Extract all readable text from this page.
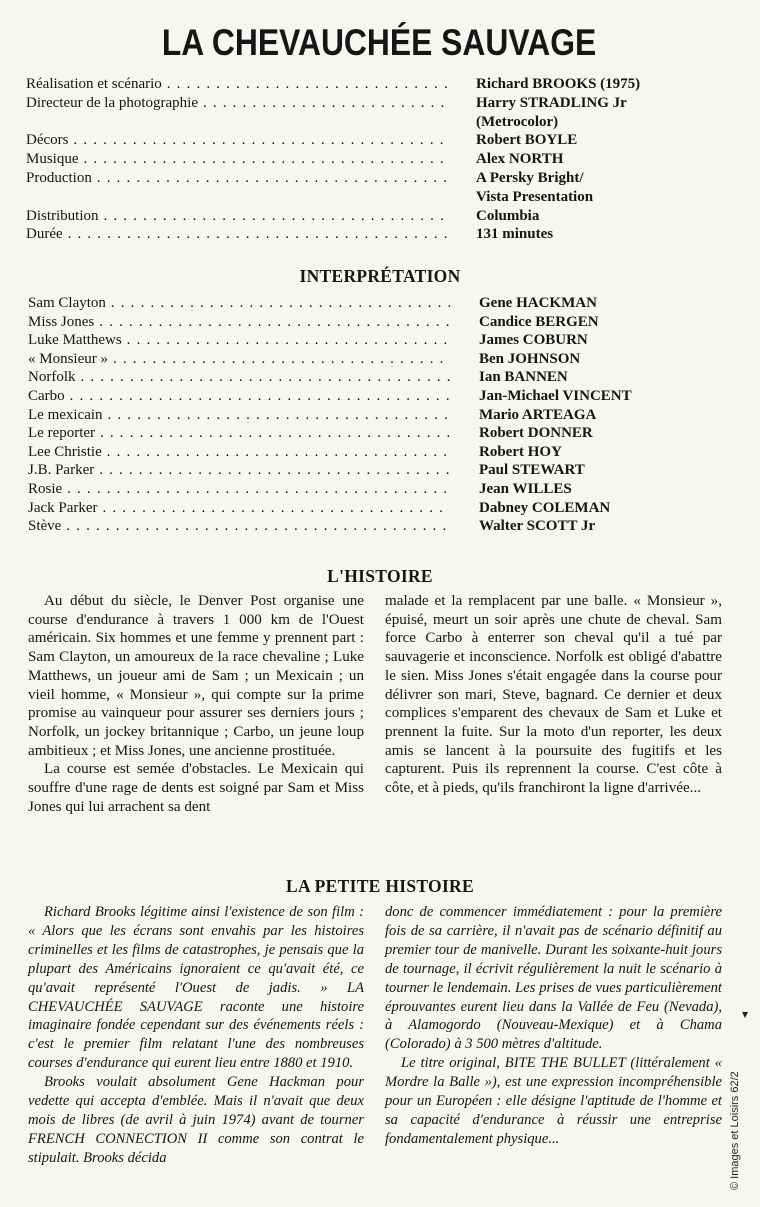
LA CHEVAUCHÉE SAUVAGE
Réalisation et scénario . . .	Richard BROOKS (1975)
Directeur de la photographie . . .	Harry STRADLING Jr
(Metrocolor)
Décors . . .	Robert BOYLE
Musique . . .	Alex NORTH
Production . . .	A Persky Bright/
Vista Presentation
Distribution . . .	Columbia
Durée . . .	131 minutes
INTERPRÉTATION
Sam Clayton . . .	Gene HACKMAN
Miss Jones . . .	Candice BERGEN
Luke Matthews . . .	James COBURN
« Monsieur » . . .	Ben JOHNSON
Norfolk . . .	Ian BANNEN
Carbo . . .	Jan-Michael VINCENT
Le mexicain . . .	Mario ARTEAGA
Le reporter . . .	Robert DONNER
Lee Christie . . .	Robert HOY
J.B. Parker . . .	Paul STEWART
Rosie . . .	Jean WILLES
Jack Parker . . .	Dabney COLEMAN
Stève . . .	Walter SCOTT Jr
L'HISTOIRE

Au début du siècle, le Denver Post organise une course d'endurance à travers 1 000 km de l'Ouest américain. Six hommes et une femme y prennent part : Sam Clayton, un amoureux de la race chevaline ; Luke Matthews, un joueur ami de Sam ; un Mexicain ; un vieil homme, « Monsieur », qui compte sur la prime promise au vainqueur pour assurer ses derniers jours ; Norfolk, un jockey britannique ; Carbo, un jeune loup ambitieux ; et Miss Jones, une ancienne prostituée.

La course est semée d'obstacles. Le Mexicain qui souffre d'une rage de dents est soigné par Sam et Miss Jones qui lui arrachent sa dent

malade et la remplacent par une balle. « Monsieur », épuisé, meurt un soir après une chute de cheval. Sam force Carbo à enterrer son cheval qu'il a tué par sauvagerie et inconscience. Norfolk est obligé d'abattre le sien. Miss Jones s'était engagée dans la course pour délivrer son mari, Steve, bagnard. Ce dernier et deux complices s'emparent des chevaux de Sam et Luke et prennent la fuite. Sur la moto d'un reporter, les deux amis se lancent à la poursuite des fugitifs et les capturent. Puis ils reprennent la course. C'est côte à côte, et à pieds, qu'ils franchiront la ligne d'arrivée...

LA PETITE HISTOIRE

Richard Brooks légitime ainsi l'existence de son film : « Alors que les écrans sont envahis par les histoires criminelles et les films de catastrophes, je pensais que la plupart des Américains ignoraient ce qu'avait été, ce qu'avait représenté l'Ouest de jadis. » LA CHEVAUCHÉE SAUVAGE raconte une histoire imaginaire fondée cependant sur des événements réels : c'est le premier film relatant l'une des nombreuses courses d'endurance qui eurent lieu entre 1880 et 1910.

Brooks voulait absolument Gene Hackman pour vedette qui accepta d'emblée. Mais il n'avait que deux mois de libres (de avril à juin 1974) avant de tourner FRENCH CONNECTION II comme son contrat le stipulait. Brooks décida

donc de commencer immédiatement : pour la première fois de sa carrière, il n'avait pas de scénario définitif au premier tour de manivelle. Durant les soixante-huit jours de tournage, il écrivit régulièrement la nuit le scénario à tourner le lendemain. Les prises de vues particulièrement éprouvantes eurent lieu dans la Vallée de Feu (Nevada), à Alamogordo (Nouveau-Mexique) et à Chama (Colorado) à 3 500 mètres d'altitude.

Le titre original, BITE THE BULLET (littéralement « Mordre la Balle »), est une expression incompréhensible pour un Européen : elle désigne l'aptitude de l'homme et sa capacité d'endurance à réussir une entreprise fondamentalement physique...	© Images et Loisirs 62/2
